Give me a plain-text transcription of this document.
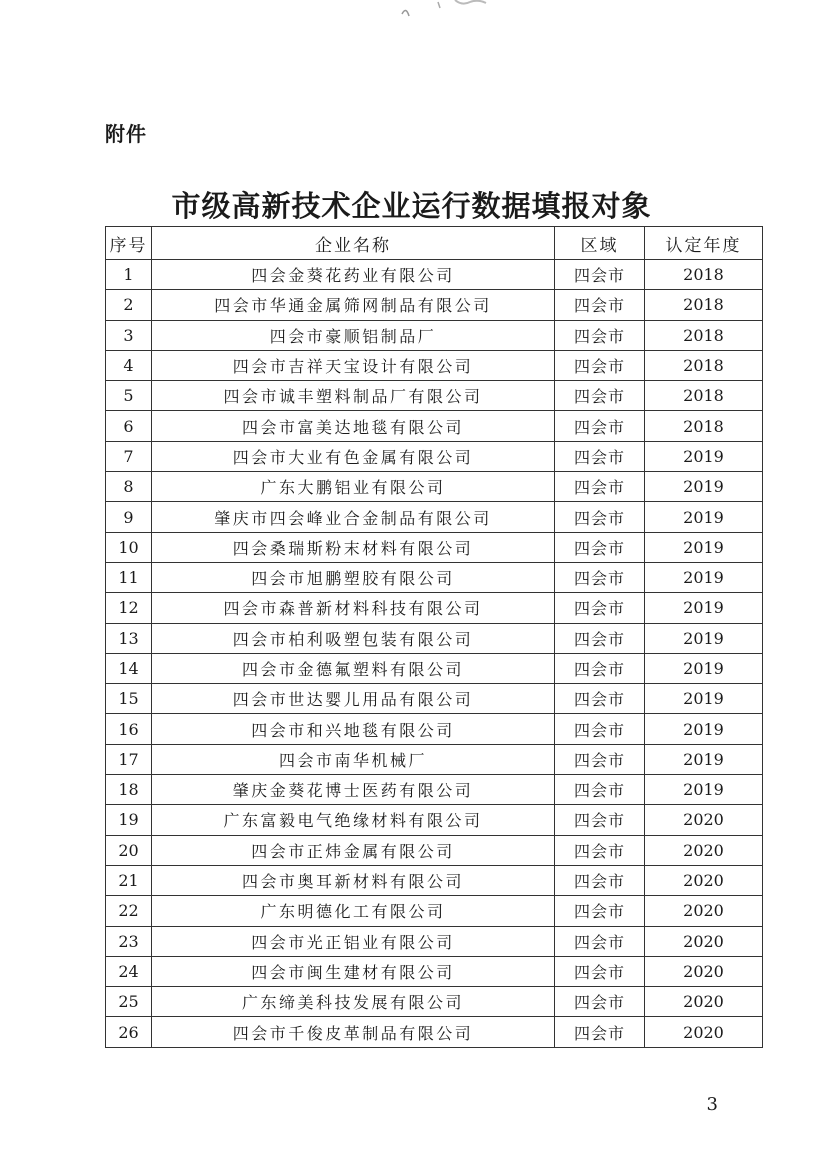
附件
市级高新技术企业运行数据填报对象
序号	企业名称	区域	认定年度
1	四会金葵花药业有限公司	四会市	2018
2	四会市华通金属筛网制品有限公司	四会市	2018
3	四会市豪顺铝制品厂	四会市	2018
4	四会市吉祥天宝设计有限公司	四会市	2018
5	四会市诚丰塑料制品厂有限公司	四会市	2018
6	四会市富美达地毯有限公司	四会市	2018
7	四会市大业有色金属有限公司	四会市	2019
8	广东大鹏铝业有限公司	四会市	2019
9	肇庆市四会峰业合金制品有限公司	四会市	2019
10	四会桑瑞斯粉末材料有限公司	四会市	2019
11	四会市旭鹏塑胶有限公司	四会市	2019
12	四会市森普新材料科技有限公司	四会市	2019
13	四会市柏利吸塑包装有限公司	四会市	2019
14	四会市金德氟塑料有限公司	四会市	2019
15	四会市世达婴儿用品有限公司	四会市	2019
16	四会市和兴地毯有限公司	四会市	2019
17	四会市南华机械厂	四会市	2019
18	肇庆金葵花博士医药有限公司	四会市	2019
19	广东富毅电气绝缘材料有限公司	四会市	2020
20	四会市正炜金属有限公司	四会市	2020
21	四会市奥耳新材料有限公司	四会市	2020
22	广东明德化工有限公司	四会市	2020
23	四会市光正铝业有限公司	四会市	2020
24	四会市闽生建材有限公司	四会市	2020
25	广东缔美科技发展有限公司	四会市	2020
26	四会市千俊皮革制品有限公司	四会市	2020
3
